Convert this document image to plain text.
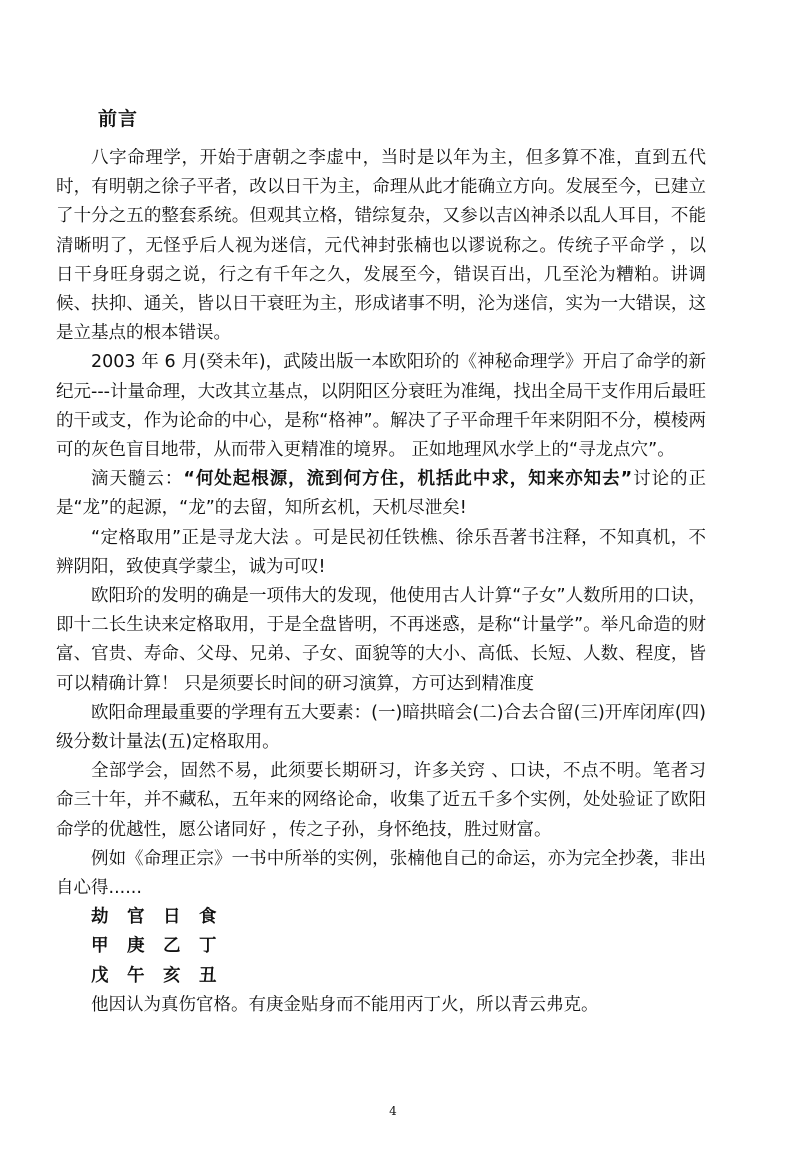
前言

八字命理学，开始于唐朝之李虚中，当时是以年为主，但多算不准，直到五代时，有明朝之徐子平者，改以日干为主，命理从此才能确立方向。发展至今，已建立了十分之五的整套系统。但观其立格，错综复杂，又参以吉凶神杀以乱人耳目，不能清晰明了，无怪乎后人视为迷信，元代神封张楠也以谬说称之。传统子平命学 ，以日干身旺身弱之说，行之有千年之久，发展至今，错误百出，几至沦为糟粕。讲调候、扶抑、通关，皆以日干衰旺为主，形成诸事不明，沦为迷信，实为一大错误，这是立基点的根本错误。

2003 年 6 月(癸未年)，武陵出版一本欧阳玠的《神秘命理学》开启了命学的新纪元---计量命理，大改其立基点，以阴阳区分衰旺为准绳，找出全局干支作用后最旺的干或支，作为论命的中心，是称“格神”。解决了子平命理千年来阴阳不分，模棱两可的灰色盲目地带，从而带入更精准的境界。 正如地理风水学上的“寻龙点穴”。

滴天髓云：“何处起根源，流到何方住，机括此中求，知来亦知去”讨论的正是“龙”的起源，“龙”的去留，知所玄机，天机尽泄矣!

“定格取用”正是寻龙大法 。可是民初任铁樵、徐乐吾著书注释，不知真机，不辨阴阳，致使真学蒙尘，诚为可叹!

欧阳玠的发明的确是一项伟大的发现，他使用古人计算“子女”人数所用的口诀，即十二长生诀来定格取用，于是全盘皆明，不再迷惑，是称“计量学”。举凡命造的财富、官贵、寿命、父母、兄弟、子女、面貌等的大小、高低、长短、人数、程度，皆可以精确计算！ 只是须要长时间的研习演算，方可达到精准度

欧阳命理最重要的学理有五大要素：(一)暗拱暗会(二)合去合留(三)开库闭库(四)级分数计量法(五)定格取用。

全部学会，固然不易，此须要长期研习，许多关窍 、口诀，不点不明。笔者习命三十年，并不藏私，五年来的网络论命，收集了近五千多个实例，处处验证了欧阳命学的优越性，愿公诸同好 ，传之子孙，身怀绝技，胜过财富。

例如《命理正宗》一书中所举的实例，张楠他自己的命运，亦为完全抄袭，非出自心得......

劫 官 日 食

甲 庚 乙 丁

戊 午 亥 丑

他因认为真伤官格。有庚金贴身而不能用丙丁火，所以青云弗克。

4
